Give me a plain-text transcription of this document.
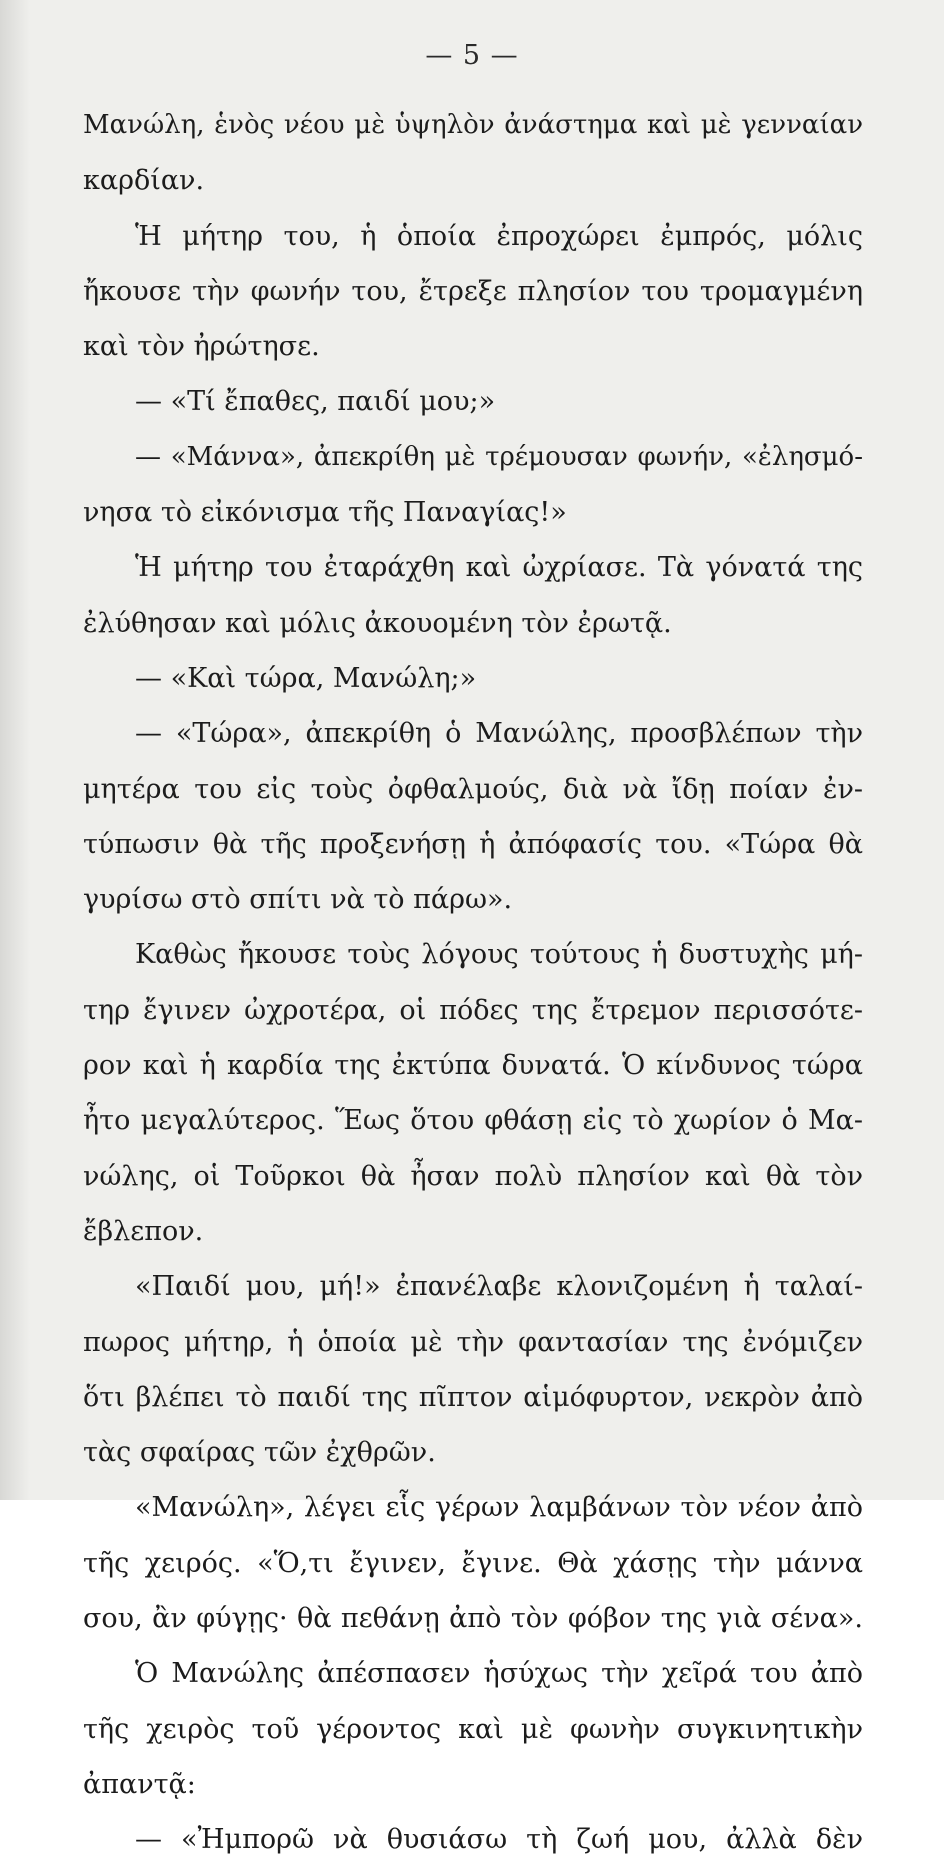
— 5 —
Μανώλη, ἑνὸς νέου μὲ ὑψηλὸν ἀνάστημα καὶ μὲ γενναίαν
καρδίαν.
Ἡ μήτηρ του, ἡ ὁποία ἐπροχώρει ἐμπρός, μόλις
ἤκουσε τὴν φωνήν του, ἔτρεξε πλησίον του τρομαγμένη
καὶ τὸν ἠρώτησε.
— «Τί ἔπαθες, παιδί μου;»
— «Μάννα», ἀπεκρίθη μὲ τρέμουσαν φωνήν, «ἐλησμό-
νησα τὸ εἰκόνισμα τῆς Παναγίας!»
Ἡ μήτηρ του ἐταράχθη καὶ ὠχρίασε. Τὰ γόνατά της
ἐλύθησαν καὶ μόλις ἀκουομένη τὸν ἐρωτᾷ.
— «Καὶ τώρα, Μανώλη;»
— «Τώρα», ἀπεκρίθη ὁ Μανώλης, προσβλέπων τὴν
μητέρα του εἰς τοὺς ὀφθαλμούς, διὰ νὰ ἴδῃ ποίαν ἐν-
τύπωσιν θὰ τῆς προξενήσῃ ἡ ἀπόφασίς του. «Τώρα θὰ
γυρίσω στὸ σπίτι νὰ τὸ πάρω».
Καθὼς ἤκουσε τοὺς λόγους τούτους ἡ δυστυχὴς μή-
τηρ ἔγινεν ὠχροτέρα, οἱ πόδες της ἔτρεμον περισσότε-
ρον καὶ ἡ καρδία της ἐκτύπα δυνατά. Ὁ κίνδυνος τώρα
ἦτο μεγαλύτερος. Ἕως ὅτου φθάσῃ εἰς τὸ χωρίον ὁ Μα-
νώλης, οἱ Τοῦρκοι θὰ ἦσαν πολὺ πλησίον καὶ θὰ τὸν
ἔβλεπον.
«Παιδί μου, μή!» ἐπανέλαβε κλονιζομένη ἡ ταλαί-
πωρος μήτηρ, ἡ ὁποία μὲ τὴν φαντασίαν της ἐνόμιζεν
ὅτι βλέπει τὸ παιδί της πῖπτον αἱμόφυρτον, νεκρὸν ἀπὸ
τὰς σφαίρας τῶν ἐχθρῶν.
«Μανώλη», λέγει εἷς γέρων λαμβάνων τὸν νέον ἀπὸ
τῆς χειρός. «Ὅ,τι ἔγινεν, ἔγινε. Θὰ χάσῃς τὴν μάννα
σου, ἂν φύγῃς· θὰ πεθάνῃ ἀπὸ τὸν φόβον της γιὰ σένα».
Ὁ Μανώλης ἀπέσπασεν ἡσύχως τὴν χεῖρά του ἀπὸ
τῆς χειρὸς τοῦ γέροντος καὶ μὲ φωνὴν συγκινητικὴν
ἀπαντᾷ:
— «Ἠμπορῶ νὰ θυσιάσω τὴ ζωή μου, ἀλλὰ δὲν
